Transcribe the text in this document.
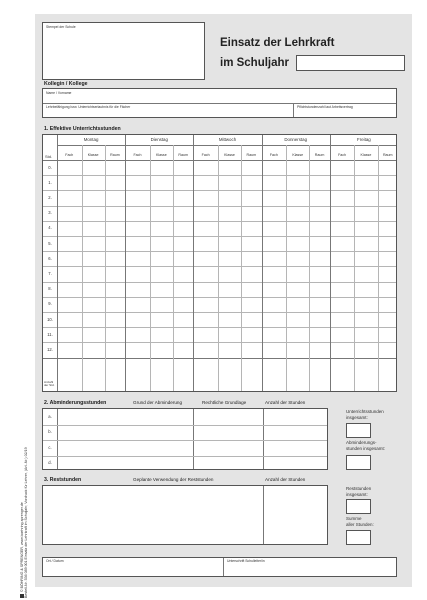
Stempel der Schule
Einsatz der Lehrkraft
im Schuljahr
Kollegin / Kollege
Name / Vorname
Lehrbefähigung bzw. Unterrichtserlaubnis für die Fächer	Pflichtstundenzahl laut Arbeitsvertrag
1. Effektive Unterrichtsstunden
Std.
Anzahl
der Std.
Montag
Fach	Klasse	Raum
Dienstag
Fach	Klasse	Raum
Mittwoch
Fach	Klasse	Raum
Donnerstag
Fach	Klasse	Raum
Freitag
Fach	Klasse	Raum
0.
1.
2.
3.
4.
5.
6.
7.
8.
9.
10.
11.
12.
2. Abminderungsstunden	Grund der Abminderung	Rechtliche Grundlage	Anzahl der Stunden
a.
b.
c.
d.
3. Reststunden	Geplante Verwendung der Reststunden	Anzahl der Stunden
Unterrichtsstunden
insgesamt:
Abminderungs-
stunden insgesamt:
Reststunden
insgesamt:
Summe
aller Stunden:
Ort / Datum	Unterschrift Schulleiter/in
© BÖHRING & SPRENGER, www.boehring-sprenger.de Bestell-Nr. 536 089 001 Einsatz der Lehrkraft im Schuljahr, Vordruck für Lehrer, (Art.-Nr.) 02/19
